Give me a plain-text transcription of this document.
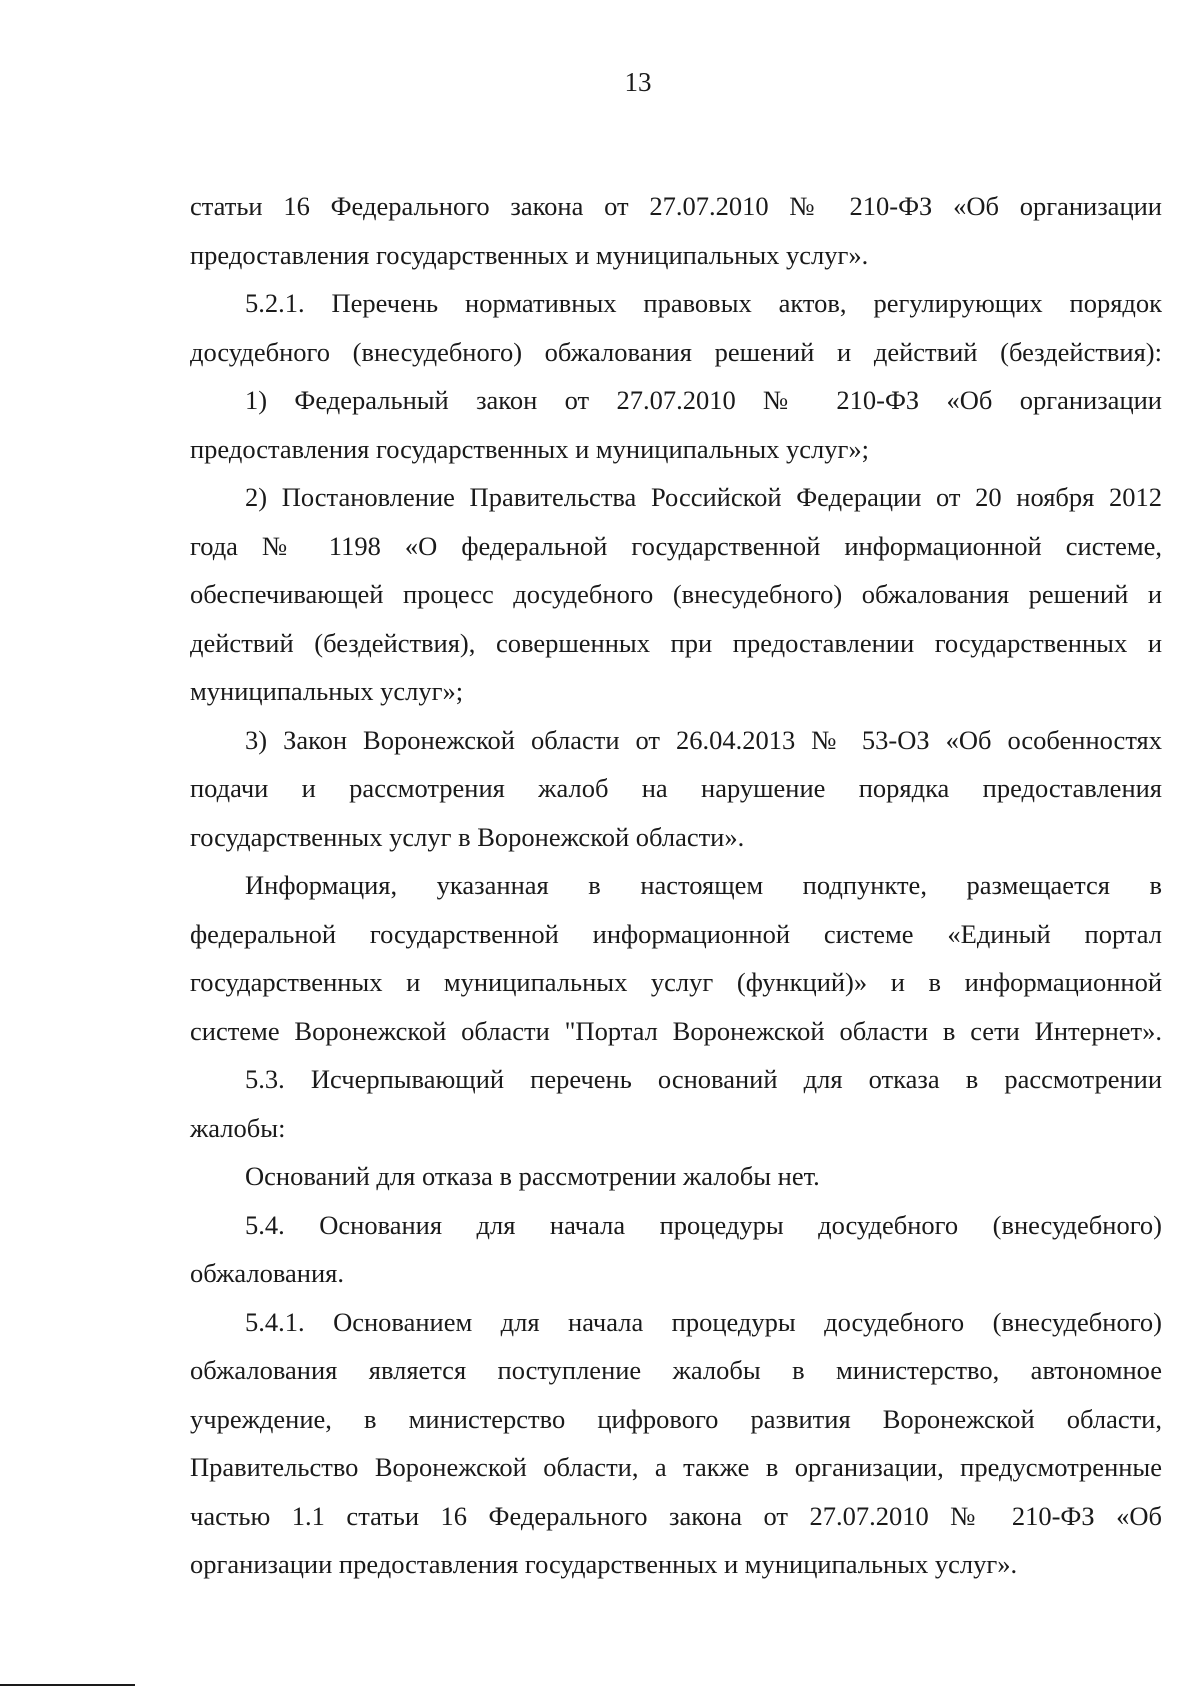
13
статьи 16 Федерального закона от 27.07.2010 № 210-ФЗ «Об организации
предоставления государственных и муниципальных услуг».
5.2.1. Перечень нормативных правовых актов, регулирующих порядок
досудебного (внесудебного) обжалования решений и действий (бездействия):
1) Федеральный закон от 27.07.2010 № 210-ФЗ «Об организации
предоставления государственных и муниципальных услуг»;
2) Постановление Правительства Российской Федерации от 20 ноября 2012
года № 1198 «О федеральной государственной информационной системе,
обеспечивающей процесс досудебного (внесудебного) обжалования решений и
действий (бездействия), совершенных при предоставлении государственных и
муниципальных услуг»;
3) Закон Воронежской области от 26.04.2013 № 53-ОЗ «Об особенностях
подачи и рассмотрения жалоб на нарушение порядка предоставления
государственных услуг в Воронежской области».
Информация, указанная в настоящем подпункте, размещается в
федеральной государственной информационной системе «Единый портал
государственных и муниципальных услуг (функций)» и в информационной
системе Воронежской области "Портал Воронежской области в сети Интернет».
5.3. Исчерпывающий перечень оснований для отказа в рассмотрении
жалобы:
Оснований для отказа в рассмотрении жалобы нет.
5.4. Основания для начала процедуры досудебного (внесудебного)
обжалования.
5.4.1. Основанием для начала процедуры досудебного (внесудебного)
обжалования является поступление жалобы в министерство, автономное
учреждение, в министерство цифрового развития Воронежской области,
Правительство Воронежской области, а также в организации, предусмотренные
частью 1.1 статьи 16 Федерального закона от 27.07.2010 № 210-ФЗ «Об
организации предоставления государственных и муниципальных услуг».
